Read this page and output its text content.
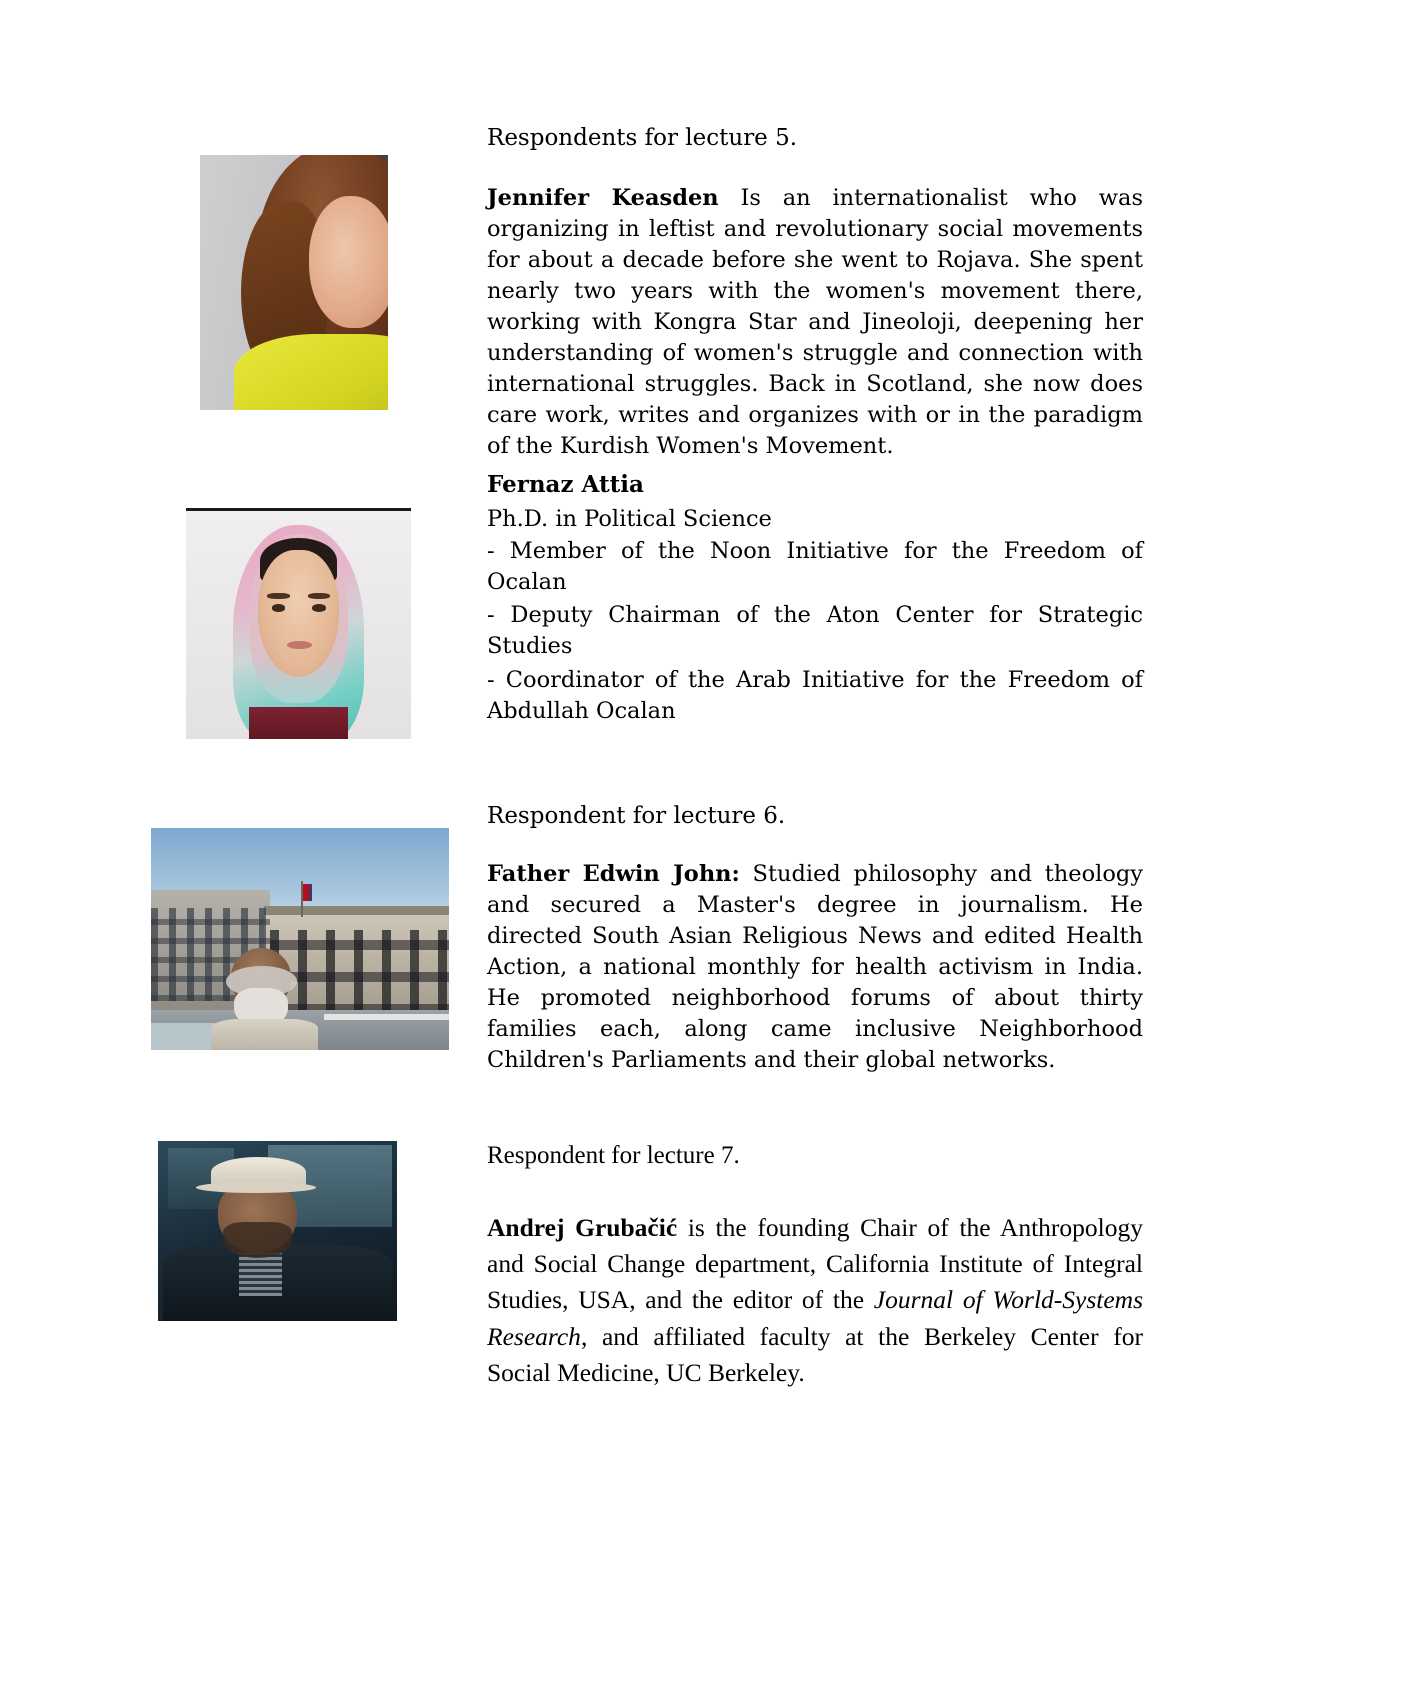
Respondents for lecture 5.
Jennifer Keasden Is an internationalist who was organizing in leftist and revolutionary social movements for about a decade before she went to Rojava. She spent nearly two years with the women's movement there, working with Kongra Star and Jineoloji, deepening her understanding of women's struggle and connection with international struggles. Back in Scotland, she now does care work, writes and organizes with or in the paradigm of the Kurdish Women's Movement.
Fernaz Attia
Ph.D. in Political Science
- Member of the Noon Initiative for the Freedom of Ocalan
- Deputy Chairman of the Aton Center for Strategic Studies
- Coordinator of the Arab Initiative for the Freedom of Abdullah Ocalan
Respondent for lecture 6.
Father Edwin John: Studied philosophy and theology and secured a Master's degree in journalism. He directed South Asian Religious News and edited Health Action, a national monthly for health activism in India. He promoted neighborhood forums of about thirty families each, along came inclusive Neighborhood Children's Parliaments and their global networks.
Respondent for lecture 7.
Andrej Grubačić is the founding Chair of the Anthropology and Social Change department, California Institute of Integral Studies, USA, and the editor of the Journal of World-Systems Research, and affiliated faculty at the Berkeley Center for Social Medicine, UC Berkeley.
